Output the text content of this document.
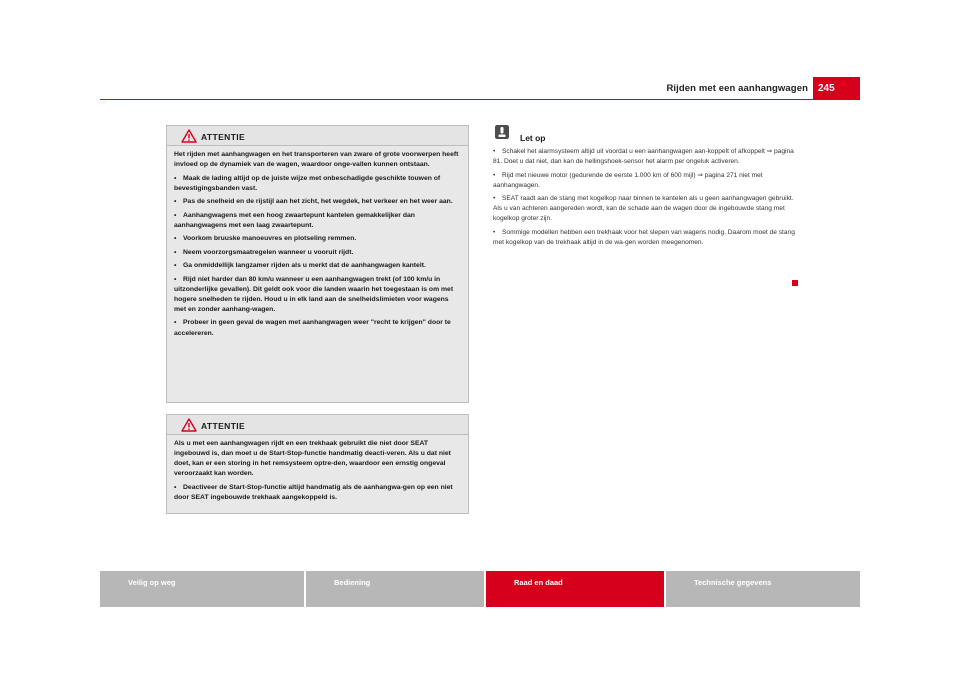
Rijden met een aanhangwagen	245
ATTENTIE

Het rijden met aanhangwagen en het transporteren van zware of grote voorwerpen heeft invloed op de dynamiek van de wagen, waardoor onge-vallen kunnen ontstaan.

• Maak de lading altijd op de juiste wijze met onbeschadigde geschikte touwen of bevestigingsbanden vast.

• Pas de snelheid en de rijstijl aan het zicht, het wegdek, het verkeer en het weer aan.

• Aanhangwagens met een hoog zwaartepunt kantelen gemakkelijker dan aanhangwagens met een laag zwaartepunt.

• Voorkom bruuske manoeuvres en plotseling remmen.

• Neem voorzorgsmaatregelen wanneer u vooruit rijdt.

• Ga onmiddellijk langzamer rijden als u merkt dat de aanhangwagen kantelt.

• Rijd niet harder dan 80 km/u wanneer u een aanhangwagen trekt (of 100 km/u in uitzonderlijke gevallen). Dit geldt ook voor die landen waarin het toegestaan is om met hogere snelheden te rijden. Houd u in elk land aan de snelheidslimieten voor wagens met en zonder aanhang-wagen.

• Probeer in geen geval de wagen met aanhangwagen weer "recht te krijgen" door te accelereren.

ATTENTIE

Als u met een aanhangwagen rijdt en een trekhaak gebruikt die niet door SEAT ingebouwd is, dan moet u de Start-Stop-functie handmatig deacti-veren. Als u dat niet doet, kan er een storing in het remsysteem optre-den, waardoor een ernstig ongeval veroorzaakt kan worden.

• Deactiveer de Start-Stop-functie altijd handmatig als de aanhangwa-gen op een niet door SEAT ingebouwde trekhaak aangekoppeld is.

Let op

• Schakel het alarmsysteem altijd uit voordat u een aanhangwagen aan-koppelt of afkoppelt ⇒ pagina 81. Doet u dat niet, dan kan de hellingshoek-sensor het alarm per ongeluk activeren.

• Rijd met nieuwe motor (gedurende de eerste 1.000 km of 600 mijl) ⇒ pagina 271 niet met aanhangwagen.

• SEAT raadt aan de stang met kogelkop naar binnen te kantelen als u geen aanhangwagen gebruikt. Als u van achteren aangereden wordt, kan de schade aan de wagen door de ingebouwde stang met kogelkop groter zijn.

• Sommige modellen hebben een trekhaak voor het slepen van wagens nodig. Daarom moet de stang met kogelkop van de trekhaak altijd in de wa-gen worden meegenomen.

Veilig op weg	Bediening	Raad en daad	Technische gegevens
